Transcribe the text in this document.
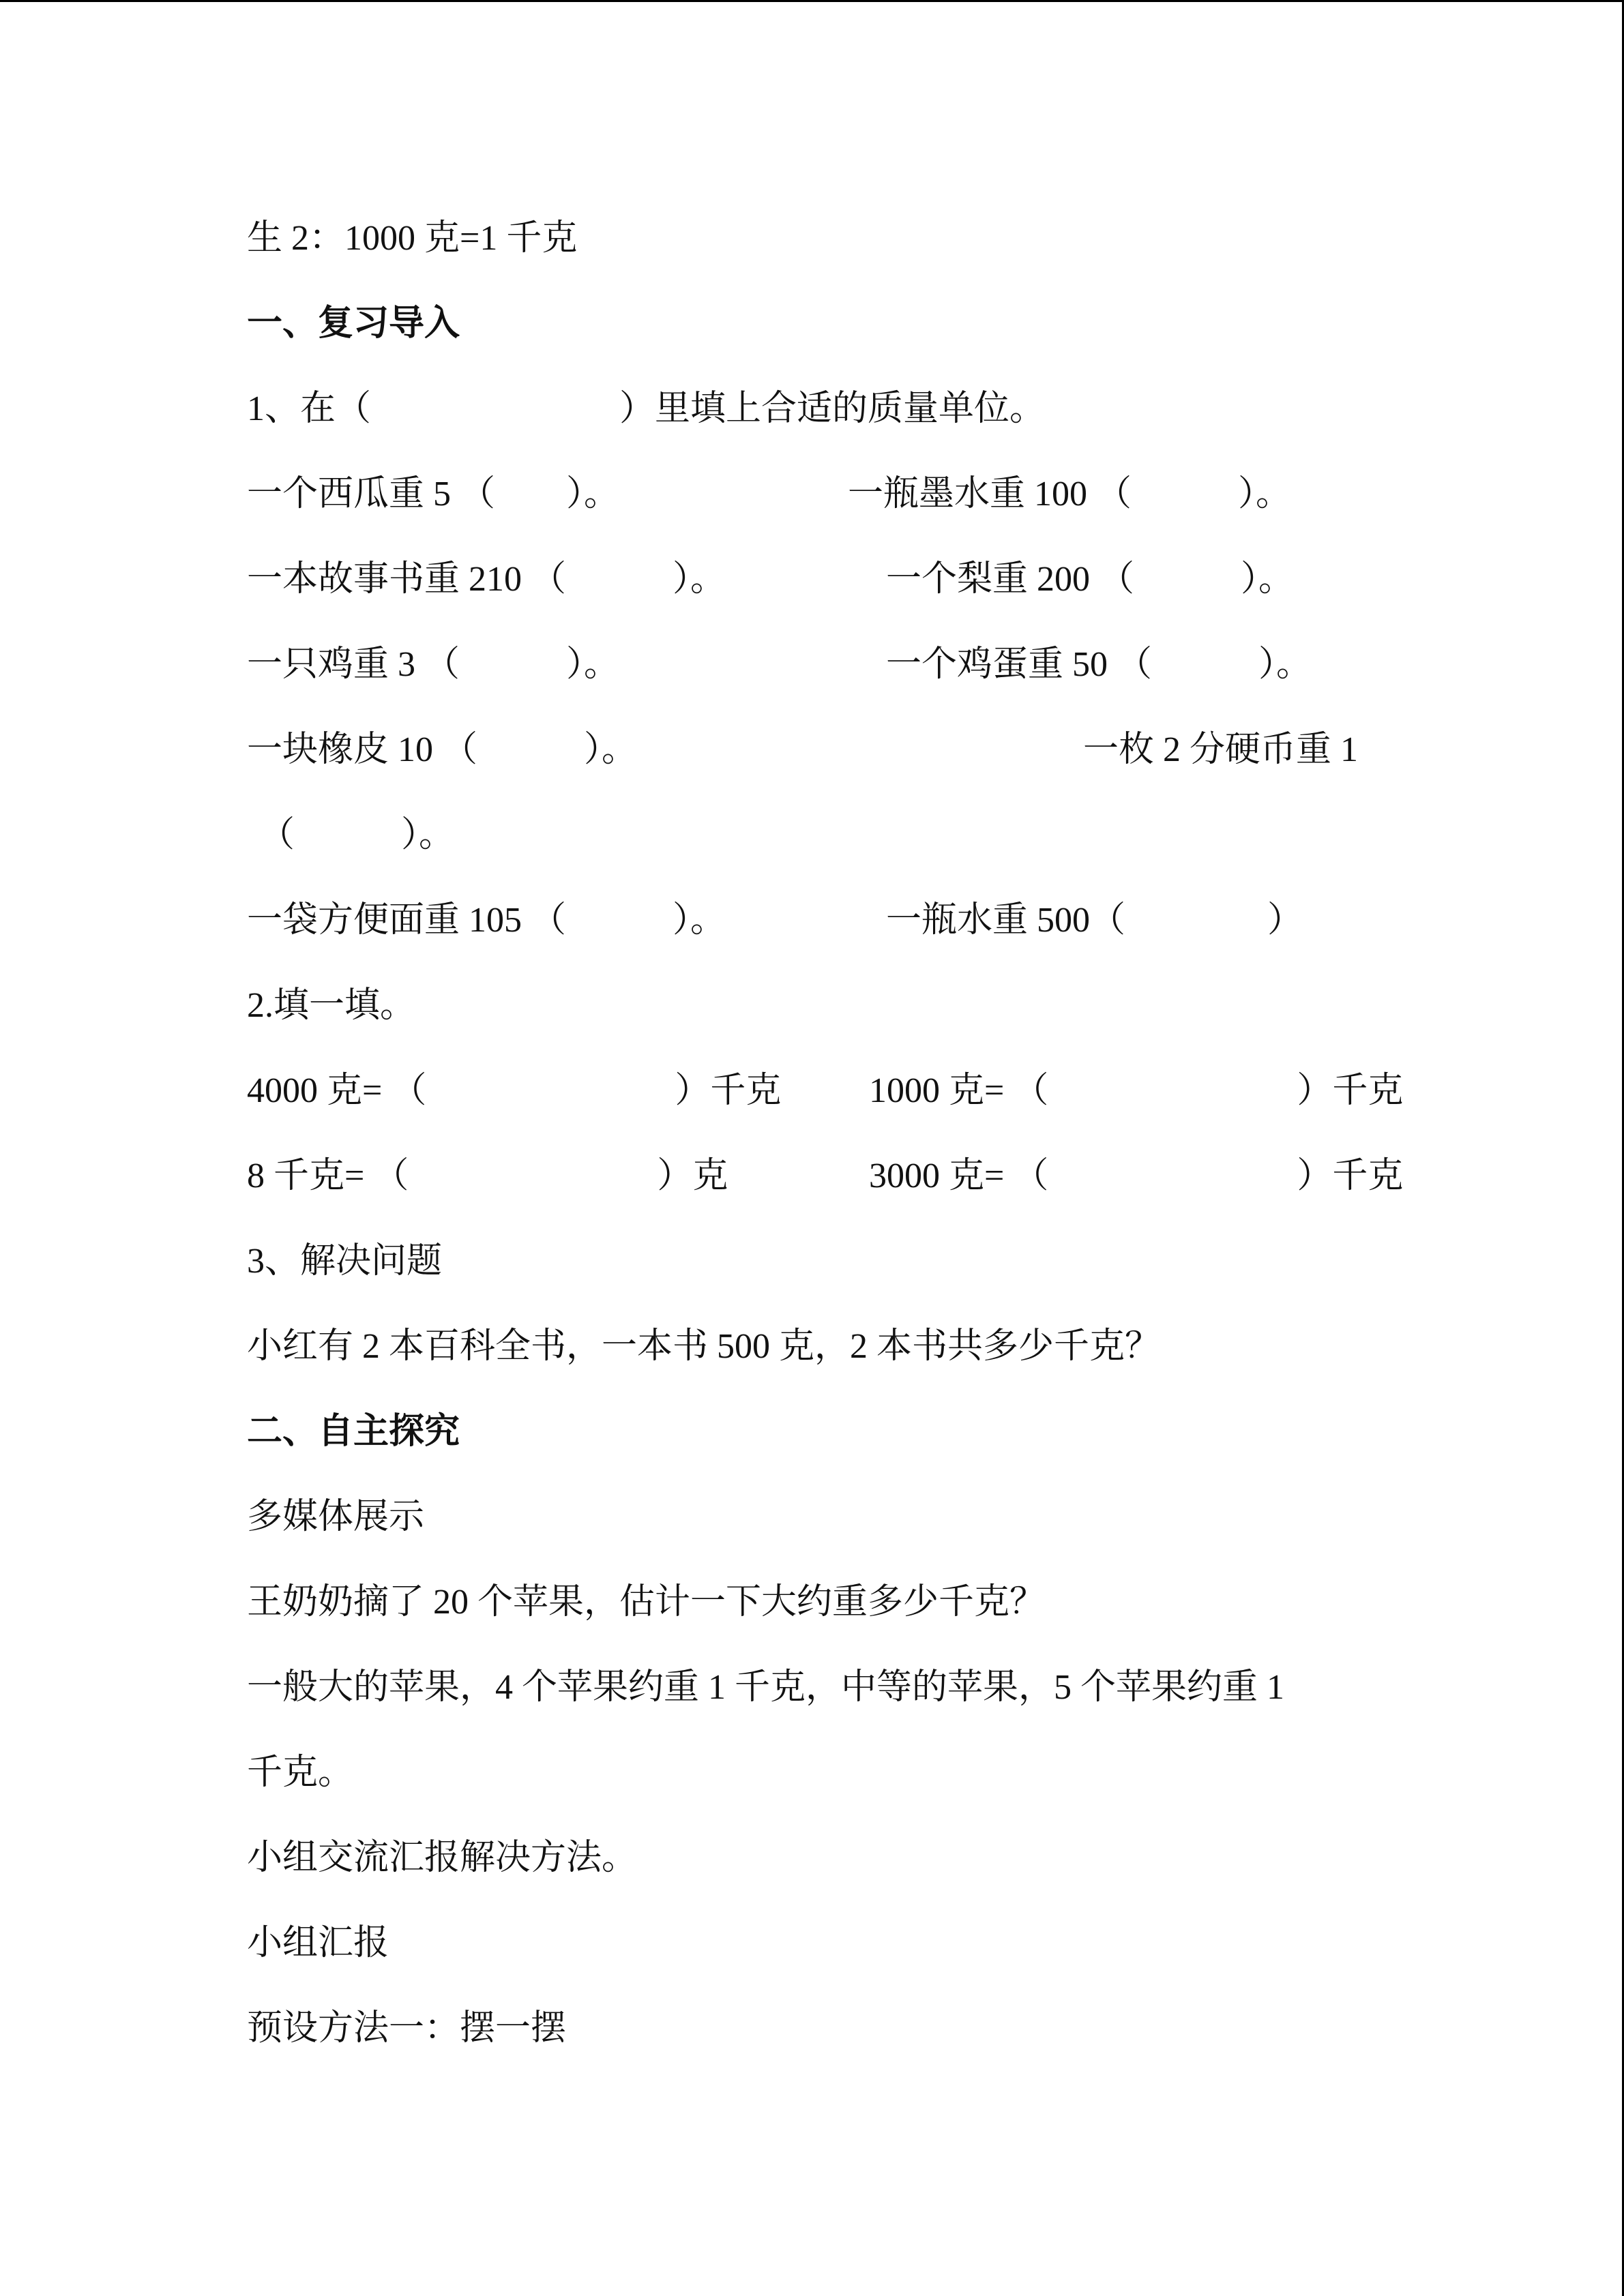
生 2：1000 克=1 千克
一、复习导入
1、在（　　　　　　　）里填上合适的质量单位。
一个西瓜重 5 （　　）。	一瓶墨水重 100 （　　　）。
一本故事书重 210 （　　　）。	一个梨重 200 （　　　）。
一只鸡重 3 （　　　）。	一个鸡蛋重 50 （　　　）。
一块橡皮 10 （　　　）。	一枚 2 分硬币重 1
（　　　）。
一袋方便面重 105 （　　　）。	一瓶水重 500（　　　　）
2.填一填。
4000 克= （　　　　　　　）千克 1000 克= （　　　　　　　）千克
8 千克= （　　　　　　　）克	3000 克= （　　　　　　　）千克
3、解决问题
小红有 2 本百科全书，一本书 500 克，2 本书共多少千克？
二、自主探究
多媒体展示
王奶奶摘了 20 个苹果，估计一下大约重多少千克？
一般大的苹果，4 个苹果约重 1 千克，中等的苹果，5 个苹果约重 1
千克。
小组交流汇报解决方法。
小组汇报
预设方法一：摆一摆
